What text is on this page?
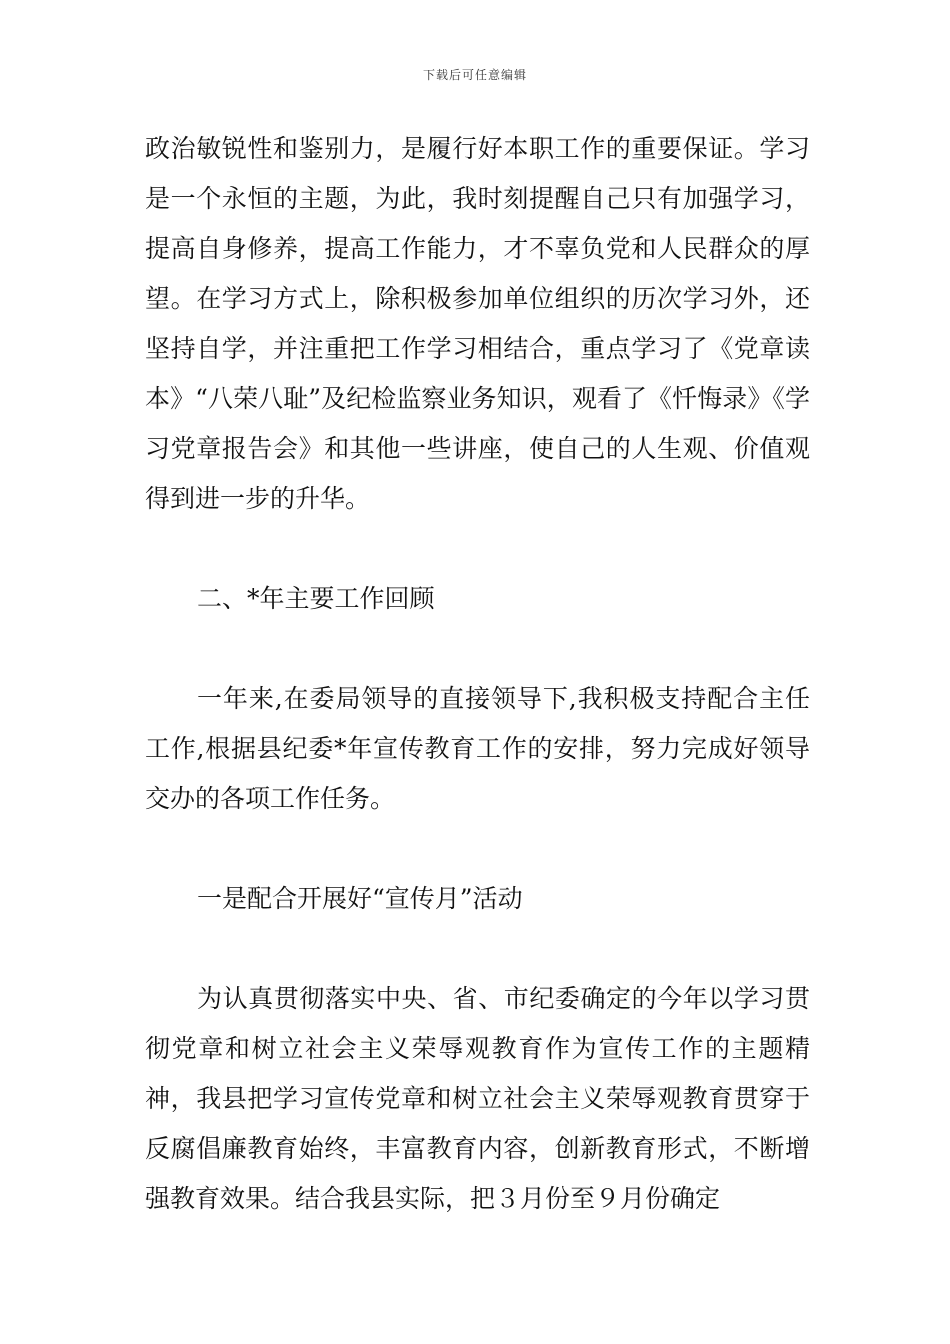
下载后可任意编辑

政治敏锐性和鉴别力，是履行好本职工作的重要保证。学习是一个永恒的主题，为此，我时刻提醒自己只有加强学习，提高自身修养，提高工作能力，才不辜负党和人民群众的厚望。在学习方式上，除积极参加单位组织的历次学习外，还坚持自学，并注重把工作学习相结合，重点学习了《党章读本》“八荣八耻”及纪检监察业务知识，观看了《忏悔录》《学习党章报告会》和其他一些讲座，使自己的人生观、价值观得到进一步的升华。

二、*年主要工作回顾

一年来,在委局领导的直接领导下,我积极支持配合主任工作,根据县纪委*年宣传教育工作的安排，努力完成好领导交办的各项工作任务。

一是配合开展好“宣传月”活动

为认真贯彻落实中央、省、市纪委确定的今年以学习贯彻党章和树立社会主义荣辱观教育作为宣传工作的主题精神，我县把学习宣传党章和树立社会主义荣辱观教育贯穿于反腐倡廉教育始终，丰富教育内容，创新教育形式，不断增强教育效果。结合我县实际，把３月份至９月份确定
